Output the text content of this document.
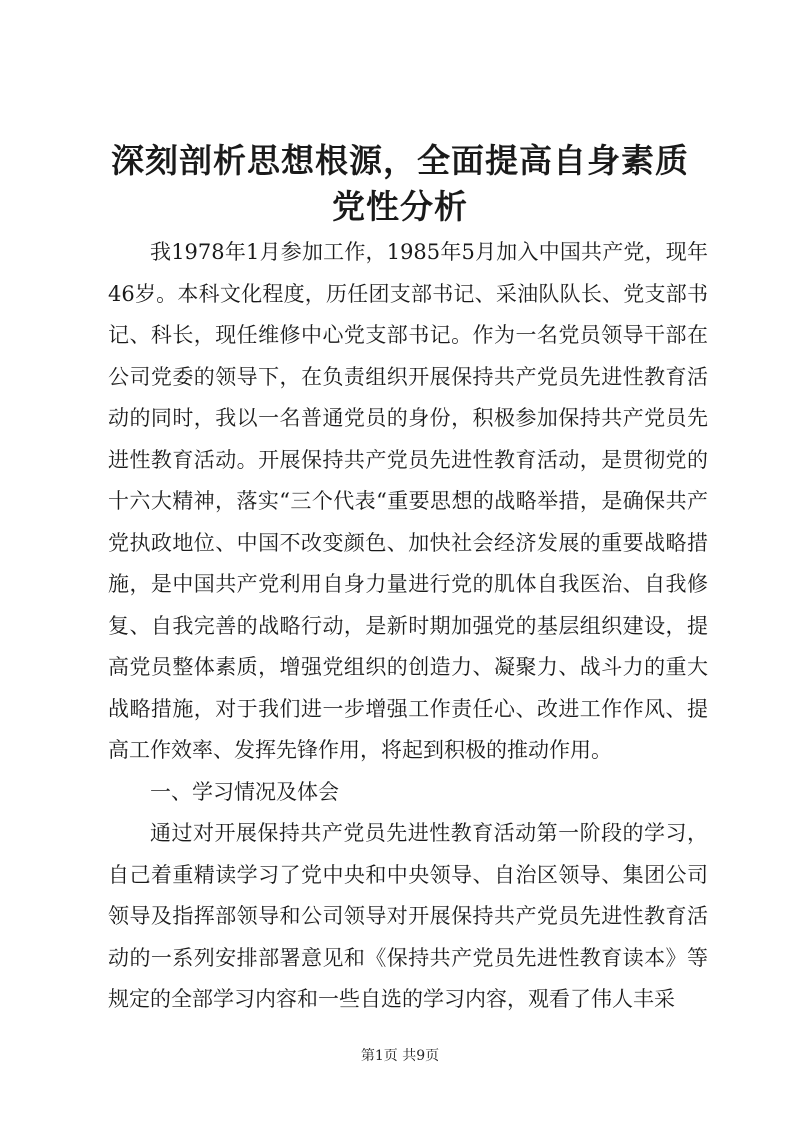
深刻剖析思想根源，全面提高自身素质党性分析

我1978年1月参加工作，1985年5月加入中国共产党，现年46岁。本科文化程度，历任团支部书记、采油队队长、党支部书记、科长，现任维修中心党支部书记。作为一名党员领导干部在公司党委的领导下，在负责组织开展保持共产党员先进性教育活动的同时，我以一名普通党员的身份，积极参加保持共产党员先进性教育活动。开展保持共产党员先进性教育活动，是贯彻党的十六大精神，落实“三个代表“重要思想的战略举措，是确保共产党执政地位、中国不改变颜色、加快社会经济发展的重要战略措施，是中国共产党利用自身力量进行党的肌体自我医治、自我修复、自我完善的战略行动，是新时期加强党的基层组织建设，提高党员整体素质，增强党组织的创造力、凝聚力、战斗力的重大战略措施，对于我们进一步增强工作责任心、改进工作作风、提高工作效率、发挥先锋作用，将起到积极的推动作用。

一、学习情况及体会

通过对开展保持共产党员先进性教育活动第一阶段的学习，自己着重精读学习了党中央和中央领导、自治区领导、集团公司领导及指挥部领导和公司领导对开展保持共产党员先进性教育活动的一系列安排部署意见和《保持共产党员先进性教育读本》等规定的全部学习内容和一些自选的学习内容，观看了伟人丰采

第1页 共9页
